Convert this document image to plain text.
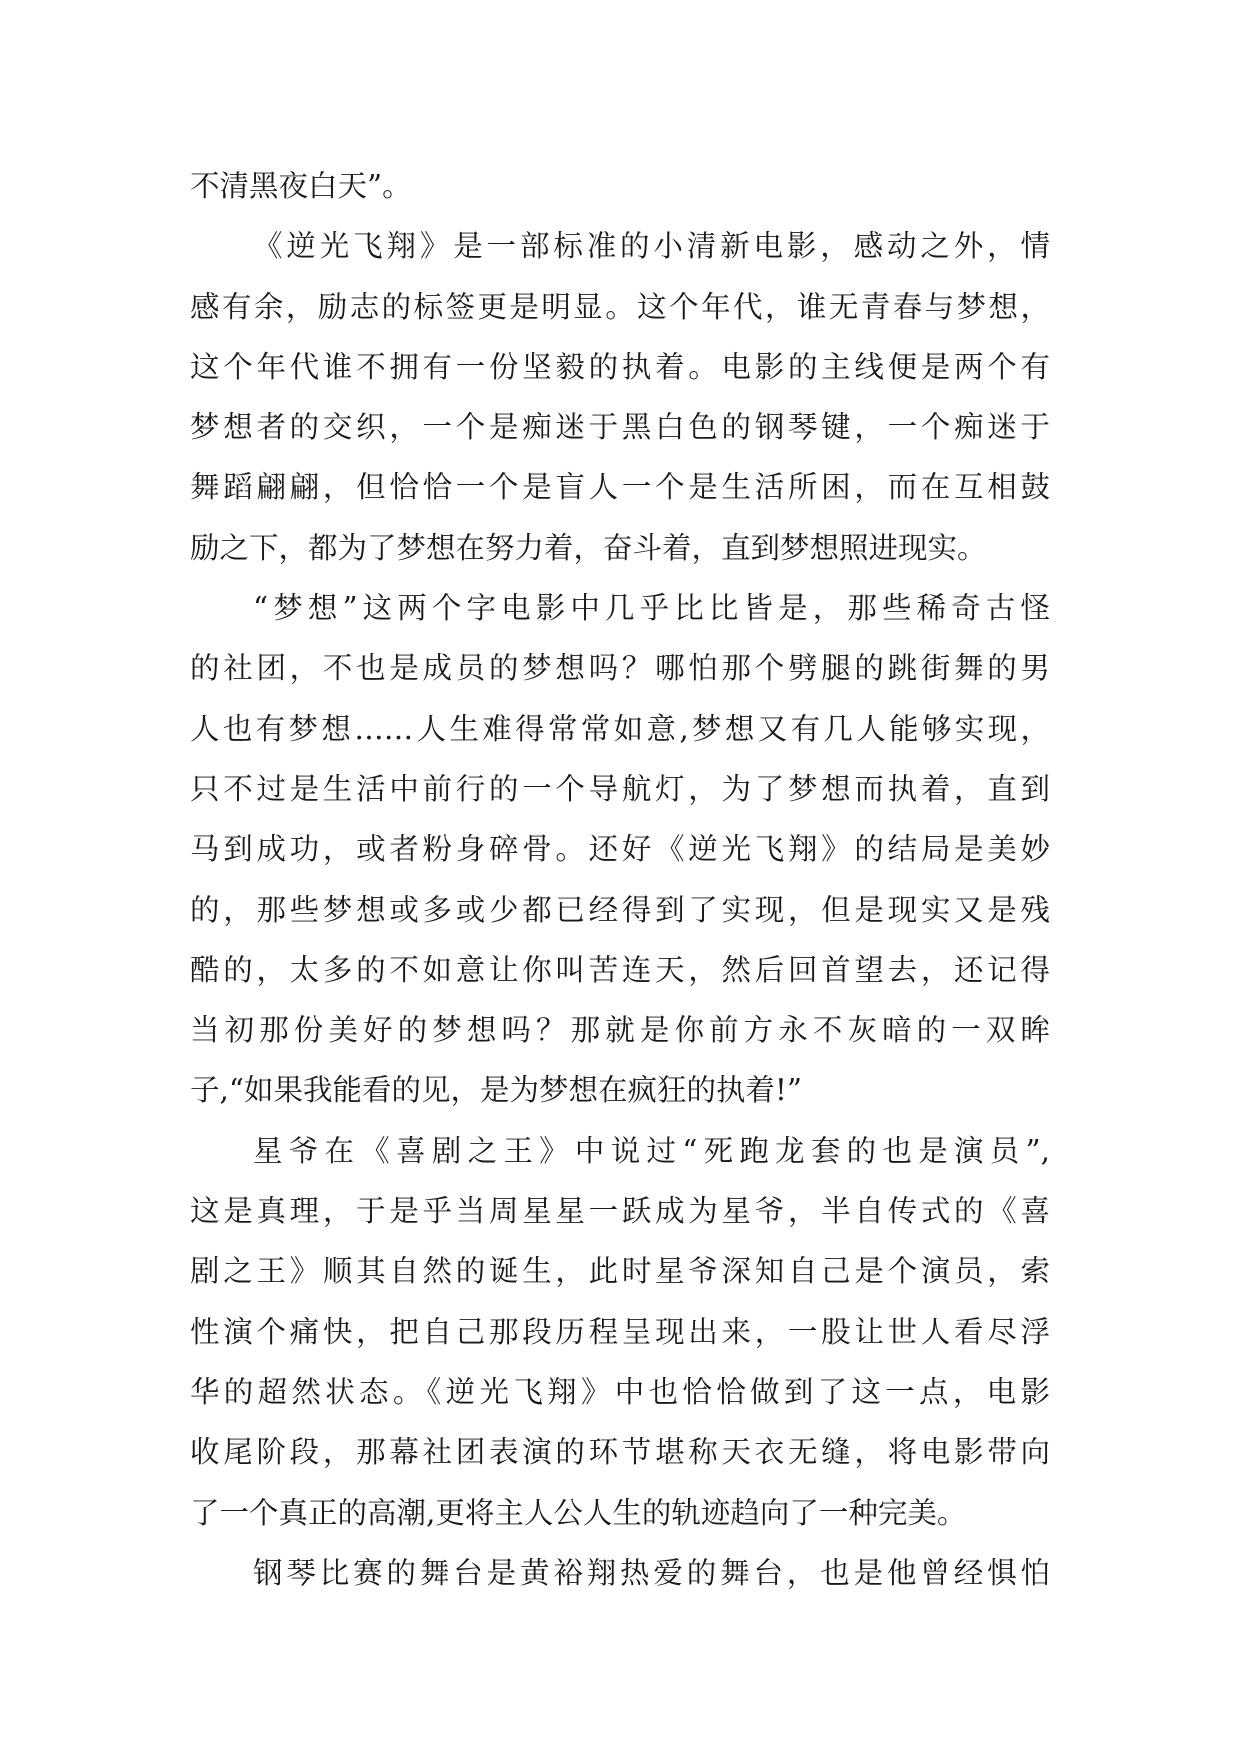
不清黑夜白天”。
《逆光飞翔》是一部标准的小清新电影，感动之外，情
感有余，励志的标签更是明显。这个年代，谁无青春与梦想，
这个年代谁不拥有一份坚毅的执着。电影的主线便是两个有
梦想者的交织，一个是痴迷于黑白色的钢琴键，一个痴迷于
舞蹈翩翩，但恰恰一个是盲人一个是生活所困，而在互相鼓
励之下，都为了梦想在努力着，奋斗着，直到梦想照进现实。
“梦想”这两个字电影中几乎比比皆是，那些稀奇古怪
的社团，不也是成员的梦想吗？哪怕那个劈腿的跳街舞的男
人也有梦想……人生难得常常如意,梦想又有几人能够实现，
只不过是生活中前行的一个导航灯，为了梦想而执着，直到
马到成功，或者粉身碎骨。还好《逆光飞翔》的结局是美妙
的，那些梦想或多或少都已经得到了实现，但是现实又是残
酷的，太多的不如意让你叫苦连天，然后回首望去，还记得
当初那份美好的梦想吗？那就是你前方永不灰暗的一双眸
子,“如果我能看的见，是为梦想在疯狂的执着!”
星爷在《喜剧之王》中说过“死跑龙套的也是演员”,
这是真理，于是乎当周星星一跃成为星爷，半自传式的《喜
剧之王》顺其自然的诞生，此时星爷深知自己是个演员，索
性演个痛快，把自己那段历程呈现出来，一股让世人看尽浮
华的超然状态。《逆光飞翔》中也恰恰做到了这一点，电影
收尾阶段，那幕社团表演的环节堪称天衣无缝，将电影带向
了一个真正的高潮,更将主人公人生的轨迹趋向了一种完美。
钢琴比赛的舞台是黄裕翔热爱的舞台，也是他曾经惧怕
